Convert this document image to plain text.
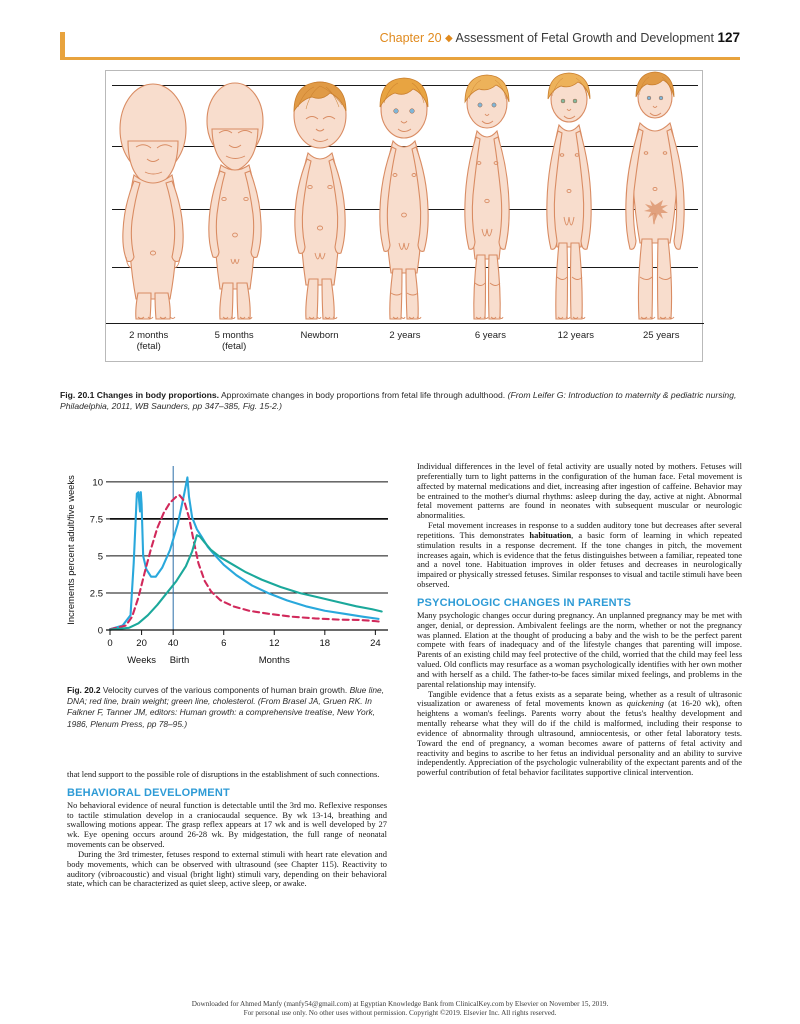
Chapter 20 ◆ Assessment of Fetal Growth and Development 127
2 months
(fetal)
5 months
(fetal)
Newborn	2 years	6 years	12 years	25 years
Fig. 20.1 Changes in body proportions. Approximate changes in body proportions from fetal life through adulthood. (From Leifer G: Introduction to maternity & pediatric nursing, Philadelphia, 2011, WB Saunders, pp 347–385, Fig. 15-2.)
0
2.5
5
7.5
10
0 20 40	6	12	18	24
Weeks Birth	Months
Increments percent adult/five weeks
Fig. 20.2 Velocity curves of the various components of human brain growth. Blue line, DNA; red line, brain weight; green line, cholesterol. (From Brasel JA, Gruen RK. In Falkner F, Tanner JM, editors: Human growth: a comprehensive treatise, New York, 1986, Plenum Press, pp 78–95.)

that lend support to the possible role of disruptions in the establishment of such connections.

BEHAVIORAL DEVELOPMENT

No behavioral evidence of neural function is detectable until the 3rd mo. Reflexive responses to tactile stimulation develop in a craniocaudal sequence. By wk 13-14, breathing and swallowing motions appear. The grasp reflex appears at 17 wk and is well developed by 27 wk. Eye opening occurs around 26-28 wk. By midgestation, the full range of neonatal movements can be observed.

During the 3rd trimester, fetuses respond to external stimuli with heart rate elevation and body movements, which can be observed with ultrasound (see Chapter 115). Reactivity to auditory (vibroacoustic) and visual (bright light) stimuli vary, depending on their behavioral state, which can be characterized as quiet sleep, active sleep, or awake.

Individual differences in the level of fetal activity are usually noted by mothers. Fetuses will preferentially turn to light patterns in the configuration of the human face. Fetal movement is affected by maternal medications and diet, increasing after ingestion of caffeine. Behavior may be entrained to the mother's diurnal rhythms: asleep during the day, active at night. Abnormal fetal movement patterns are found in neonates with subsequent muscular or neurologic abnormalities.

Fetal movement increases in response to a sudden auditory tone but decreases after several repetitions. This demonstrates habituation, a basic form of learning in which repeated stimulation results in a response decrement. If the tone changes in pitch, the movement increases again, which is evidence that the fetus distinguishes between a familiar, repeated tone and a novel tone. Habituation improves in older fetuses and decreases in neurologically impaired or physically stressed fetuses. Similar responses to visual and tactile stimuli have been observed.

PSYCHOLOGIC CHANGES IN PARENTS

Many psychologic changes occur during pregnancy. An unplanned pregnancy may be met with anger, denial, or depression. Ambivalent feelings are the norm, whether or not the pregnancy was planned. Elation at the thought of producing a baby and the wish to be the perfect parent compete with fears of inadequacy and of the lifestyle changes that parenting will impose. Parents of an existing child may feel protective of the child, worried that the child may feel less valued. Old conflicts may resurface as a woman psychologically identifies with her own mother and with herself as a child. The father-to-be faces similar mixed feelings, and problems in the parental relationship may intensify.

Tangible evidence that a fetus exists as a separate being, whether as a result of ultrasonic visualization or awareness of fetal movements known as quickening (at 16-20 wk), often heightens a woman's feelings. Parents worry about the fetus's healthy development and mentally rehearse what they will do if the child is malformed, including their response to evidence of abnormality through ultrasound, amniocentesis, or other fetal laboratory tests. Toward the end of pregnancy, a woman becomes aware of patterns of fetal activity and reactivity and begins to ascribe to her fetus an individual personality and an ability to survive independently. Appreciation of the psychologic vulnerability of the expectant parents and of the powerful contribution of fetal behavior facilitates supportive clinical intervention.

Downloaded for Ahmed Manfy (manfy54@gmail.com) at Egyptian Knowledge Bank from ClinicalKey.com by Elsevier on November 15, 2019.
For personal use only. No other uses without permission. Copyright ©2019. Elsevier Inc. All rights reserved.
